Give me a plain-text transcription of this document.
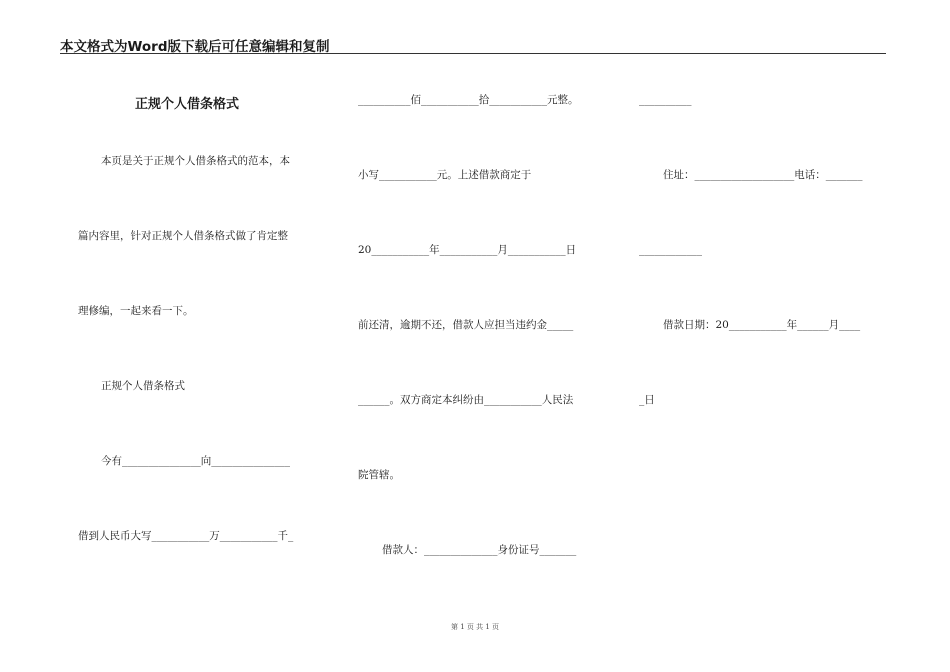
本文格式为Word版下载后可任意编辑和复制
正规个人借条格式
本页是关于正规个人借条格式的范本，本
篇内容里，针对正规个人借条格式做了肯定整
理修编，一起来看一下。
正规个人借条格式
今有_______________向_______________
借到人民币大写___________万___________千_
__________佰___________拾___________元整。
小写___________元。上述借款商定于
20___________年___________月___________日
前还清，逾期不还，借款人应担当违约金_____
______。双方商定本纠纷由___________人民法
院管辖。
借款人：______________身份证号_______
__________
住址：___________________电话：_______
____________
借款日期：20___________年______月____
_日
第 1 页 共 1 页
